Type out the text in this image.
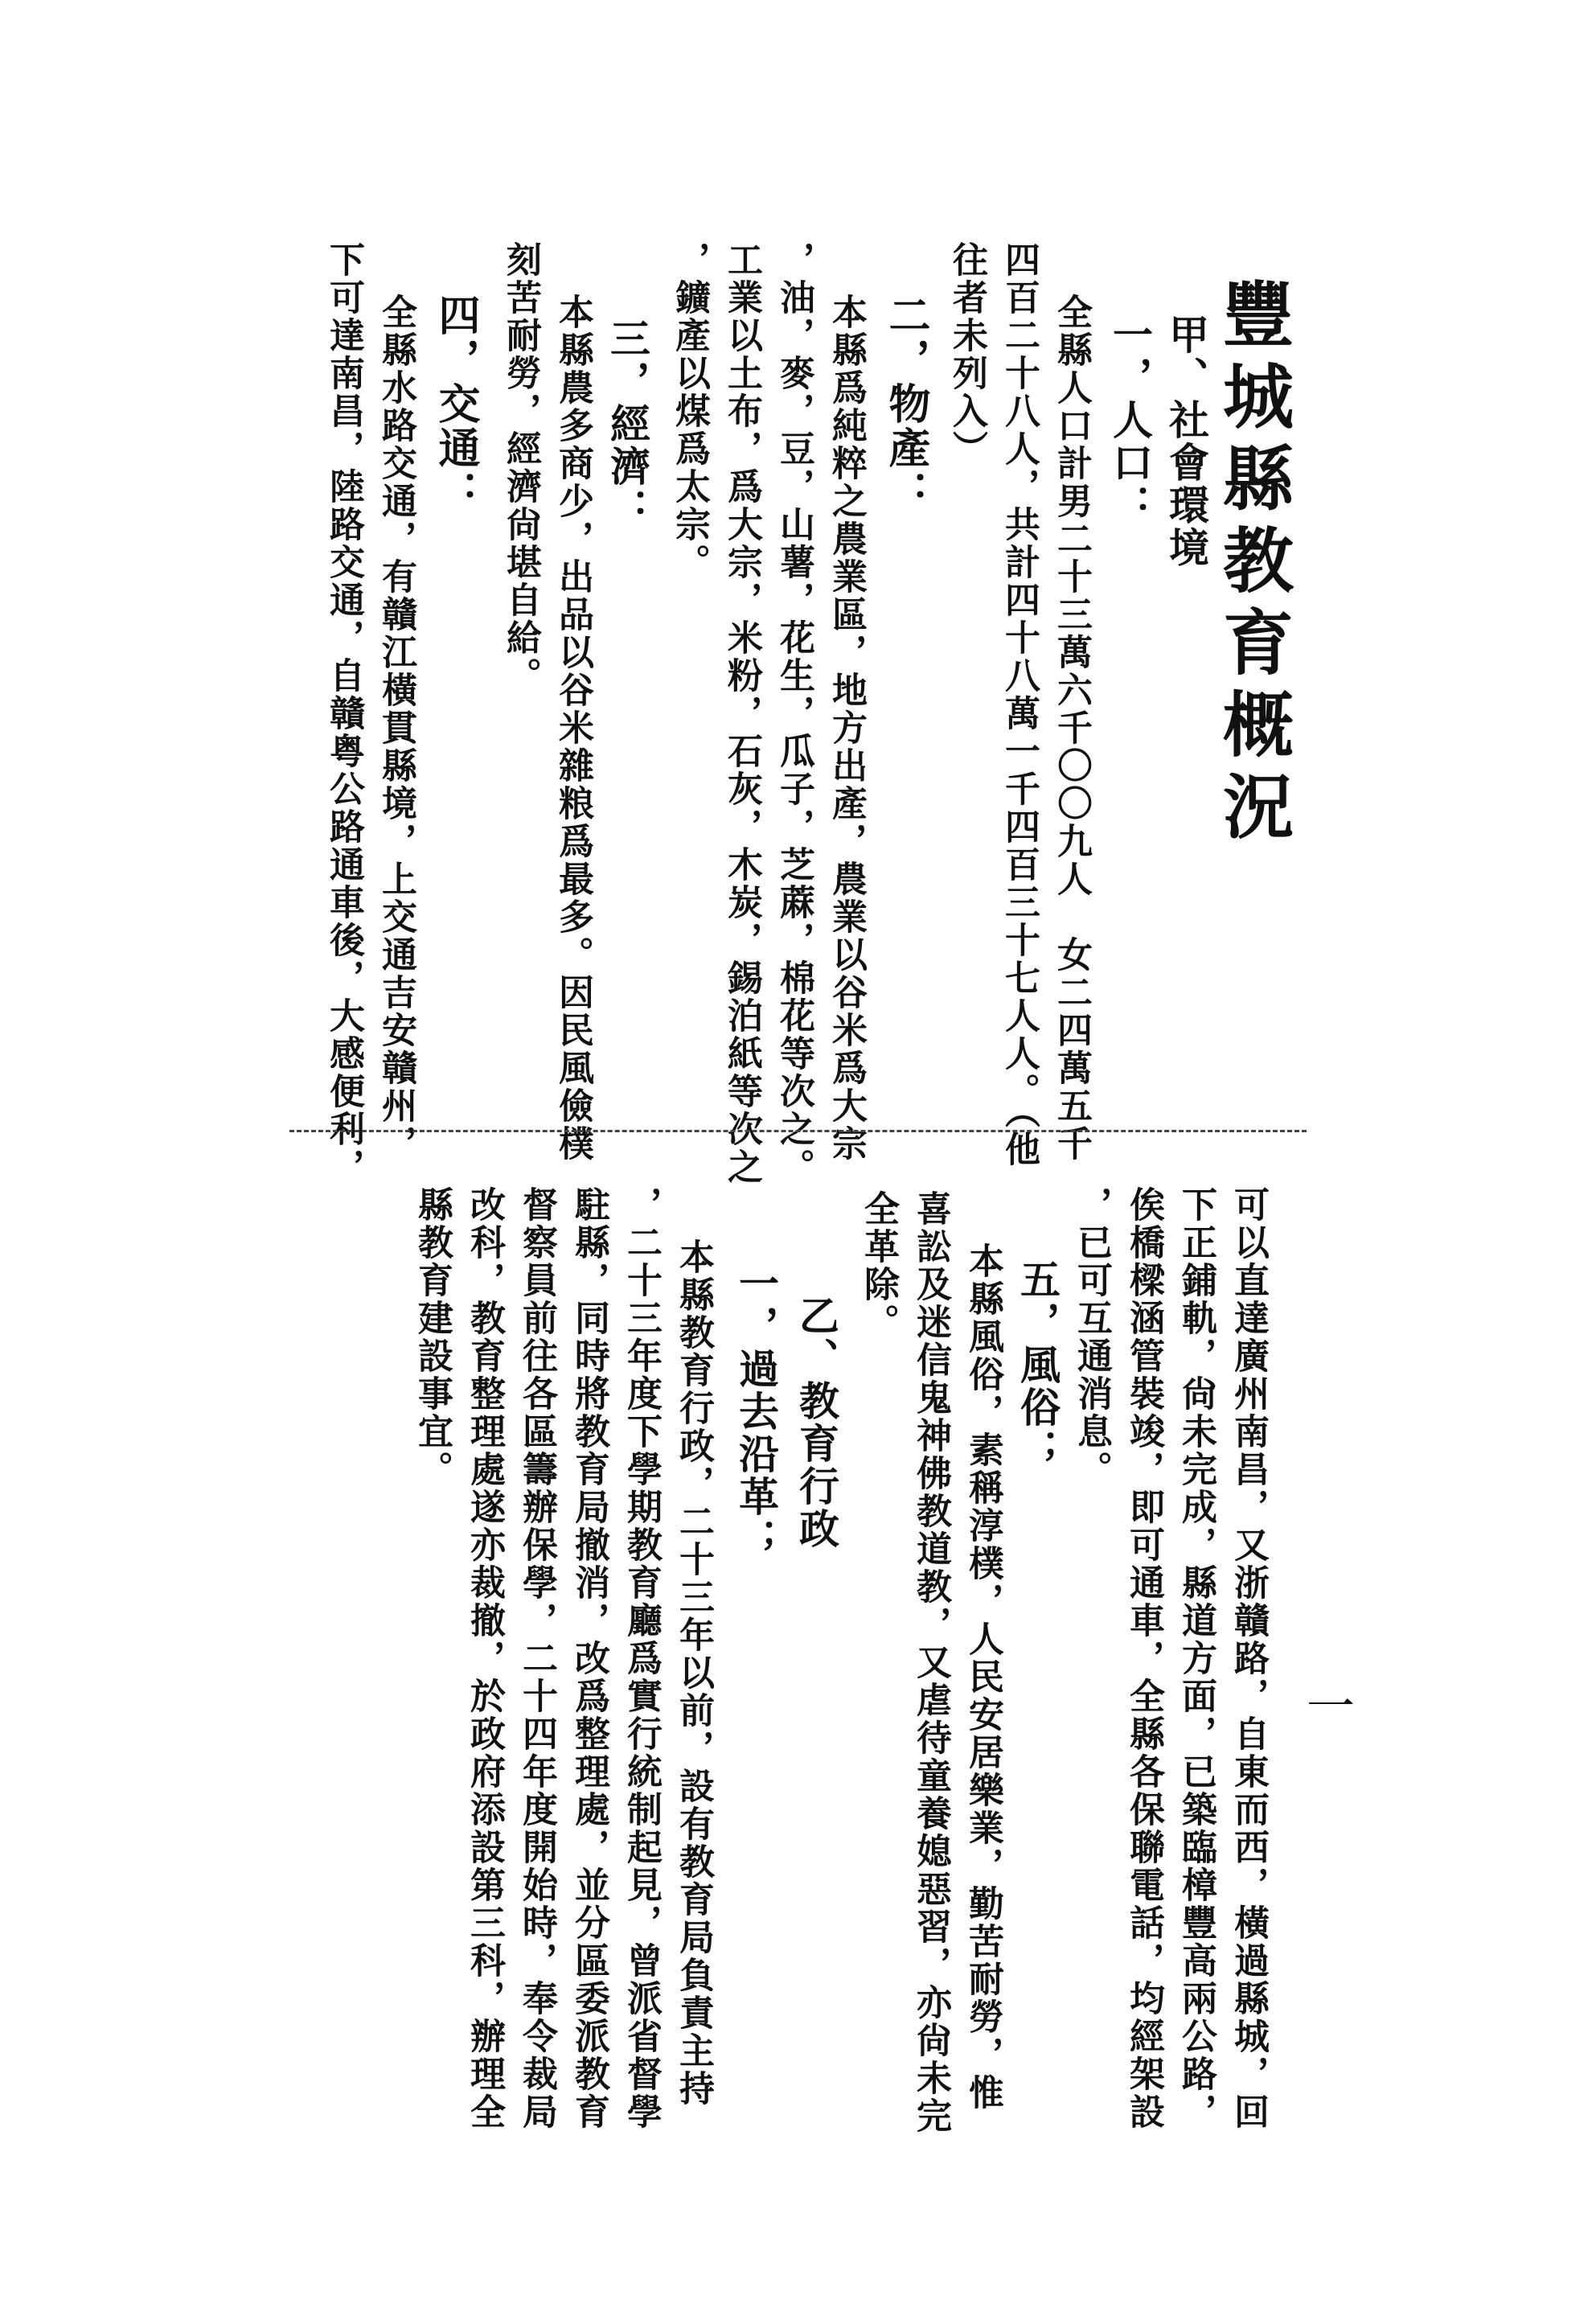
豐城縣教育概況
甲、社會環境
一，人口：
全縣人口計男二十三萬六千〇〇九人　女二四萬五千
四百二十八人，共計四十八萬一千四百三十七人人。（他
往者未列入）
二，物產：
本縣爲純粹之農業區，地方出產，農業以谷米爲大宗
，油，麥，豆，山薯，花生，瓜子，芝蔴，棉花等次之。
工業以土布，爲大宗，米粉，石灰，木炭，錫泊紙等次之
，鑛產以煤爲太宗。
三，經濟：
本縣農多商少，出品以谷米雜粮爲最多。因民風儉樸
刻苦耐勞，經濟尙堪自給。
四，交通：
全縣水路交通，有贛江橫貫縣境，上交通吉安贛州，
下可達南昌，陸路交通，自贛粤公路通車後，大感便利，
可以直達廣州南昌，又浙贛路，自東而西，橫過縣城，回
下正鋪軌，尙未完成，縣道方面，已築臨樟豐高兩公路，
俟橋樑涵管裝竣，即可通車，全縣各保聯電話，均經架設
，已可互通消息。
五，風俗；
本縣風俗，素稱淳樸，人民安居樂業，勤苦耐勞，惟
喜訟及迷信鬼神佛教道教，又虐待童養媳惡習，亦尙未完
全革除。
乙、教育行政
一，過去沿革；
本縣教育行政，二十三年以前，設有教育局負責主持
，二十三年度下學期教育廳爲實行統制起見，曾派省督學
駐縣，同時將教育局撤消，改爲整理處，並分區委派教育
督察員前往各區籌辦保學，二十四年度開始時，奉令裁局
改科，教育整理處遂亦裁撤，於政府添設第三科，辦理全
縣教育建設事宜。
一
